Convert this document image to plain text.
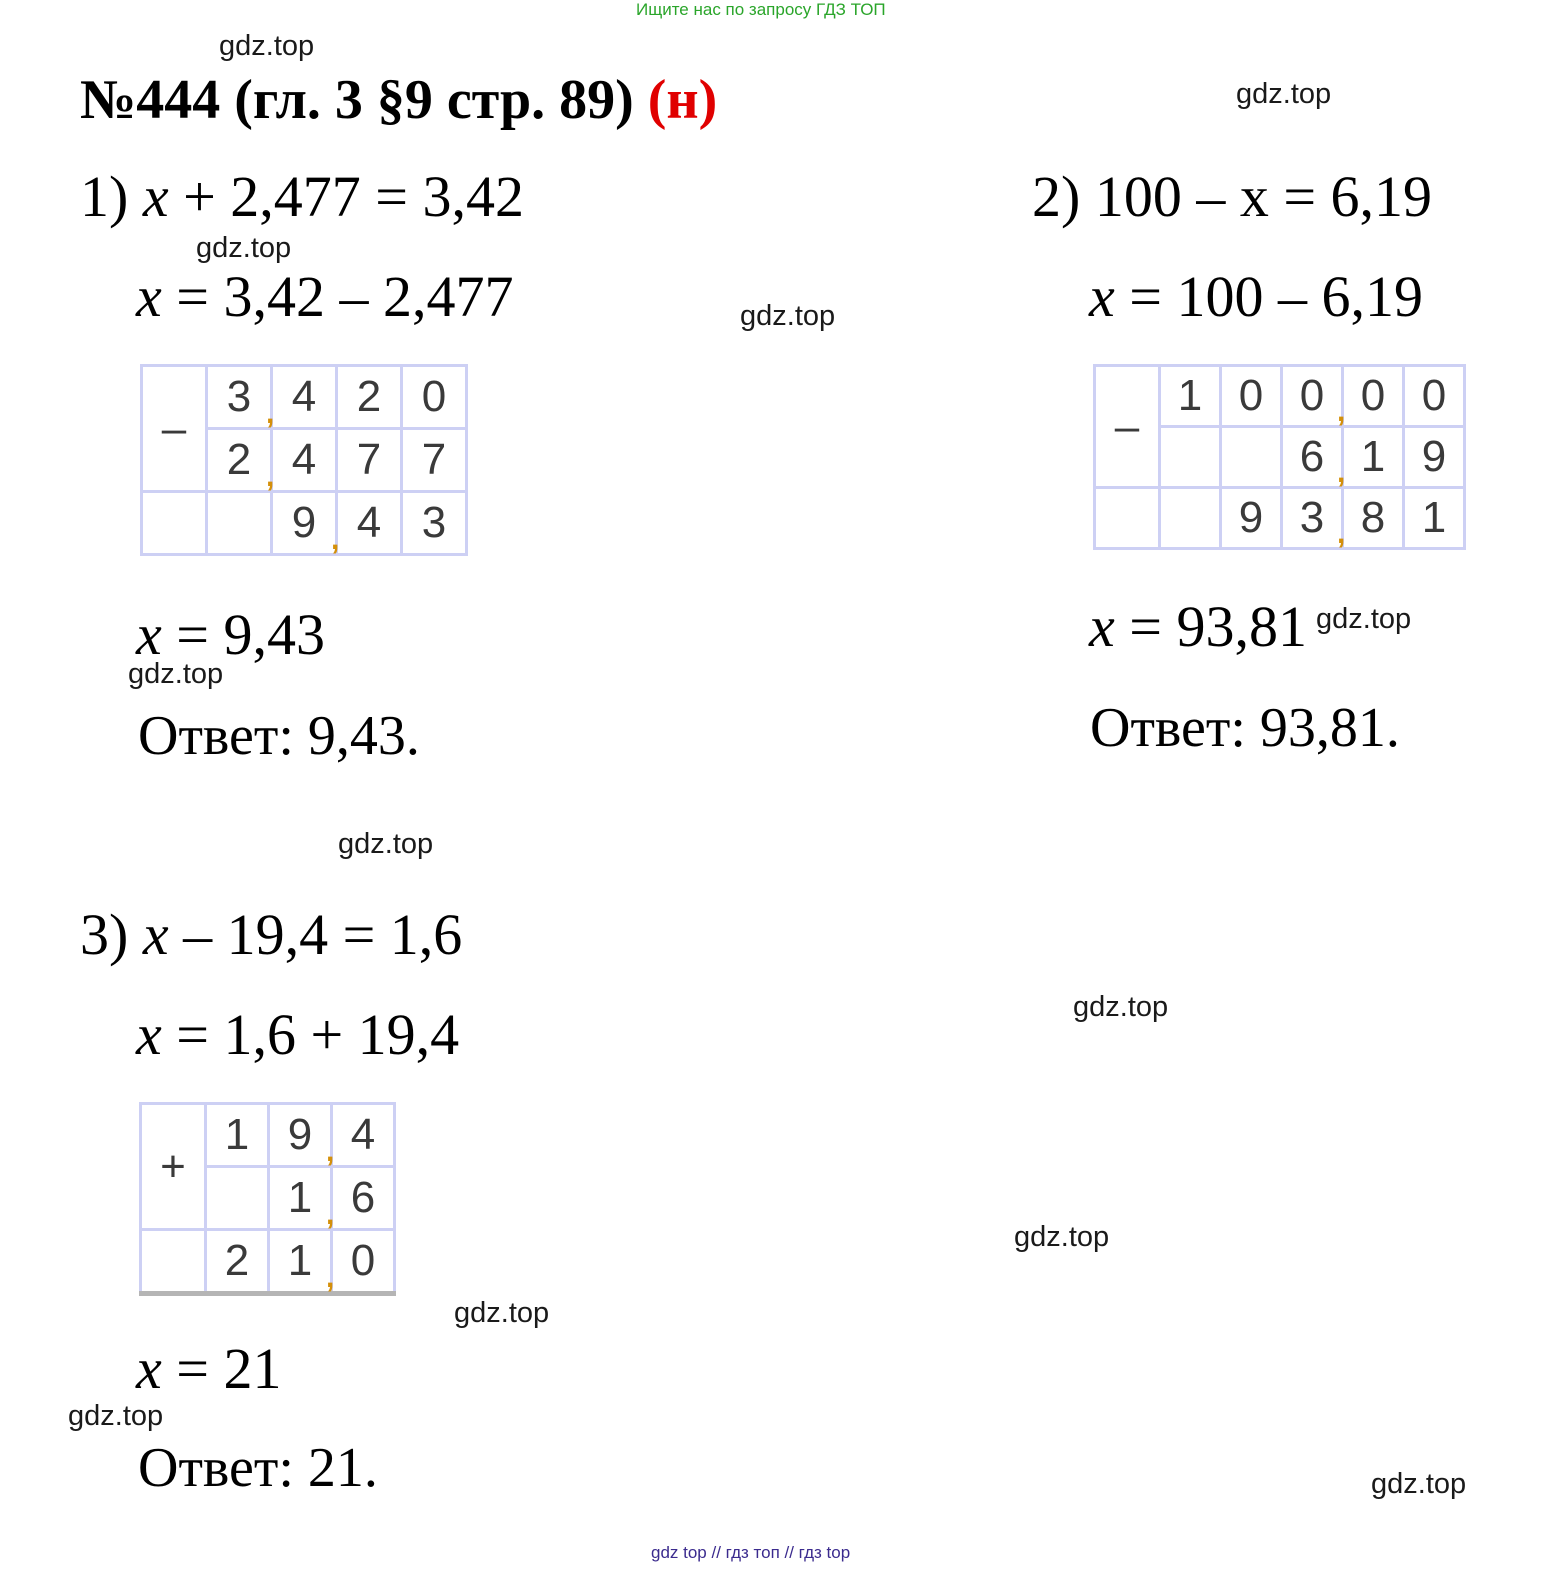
Ищите нас по запросу ГДЗ ТОП
gdz.top
gdz.top
gdz.top
gdz.top
gdz.top
gdz.top
gdz.top
gdz.top
gdz.top
gdz.top
gdz.top
gdz.top
№444 (гл. 3 §9 стр. 89) (н)
1) x + 2,477 = 3,42
x = 3,42 – 2,477
–	3 ,	4	2	0
	2 ,	4	7	7
		9 ,	4	3
x = 9,43
Ответ: 9,43.
2) 100 – x = 6,19
x = 100 – 6,19
–	1	0	0 ,	0	0
			6 ,	1	9
		9	3 ,	8	1
x = 93,81
Ответ: 93,81.
3) x – 19,4 = 1,6
x = 1,6 + 19,4
+	1	9 ,	4
		1 ,	6
	2	1 ,	0
x = 21
Ответ: 21.
gdz top // гдз топ // гдз top
